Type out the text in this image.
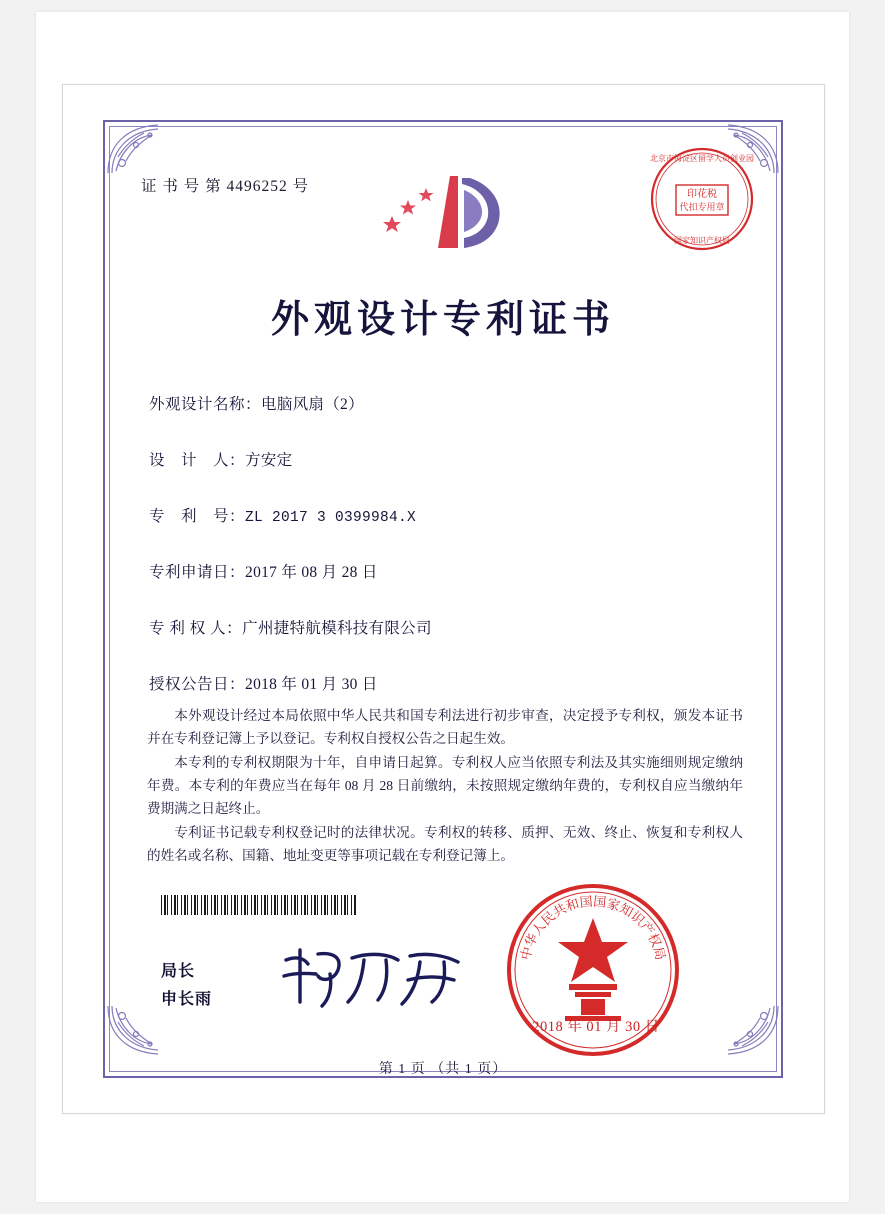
证 书 号 第 4496252 号	印花税
代扣专用章
北京市海淀区留学人员创业园
国家知识产权局
外观设计专利证书
外观设计名称：电脑风扇（2）
设　计　人：方安定
专　利　号：ZL 2017 3 0399984.X
专利申请日：2017 年 08 月 28 日
专 利 权 人：广州捷特航模科技有限公司
授权公告日：2018 年 01 月 30 日

本外观设计经过本局依照中华人民共和国专利法进行初步审查，决定授予专利权，颁发本证书并在专利登记簿上予以登记。专利权自授权公告之日起生效。

本专利的专利权期限为十年，自申请日起算。专利权人应当依照专利法及其实施细则规定缴纳年费。本专利的年费应当在每年 08 月 28 日前缴纳，未按照规定缴纳年费的，专利权自应当缴纳年费期满之日起终止。

专利证书记载专利权登记时的法律状况。专利权的转移、质押、无效、终止、恢复和专利权人的姓名或名称、国籍、地址变更等事项记载在专利登记簿上。

局长
申长雨
中华人民共和国国家知识产权局
2018 年 01 月 30 日
第 1 页 （共 1 页）
